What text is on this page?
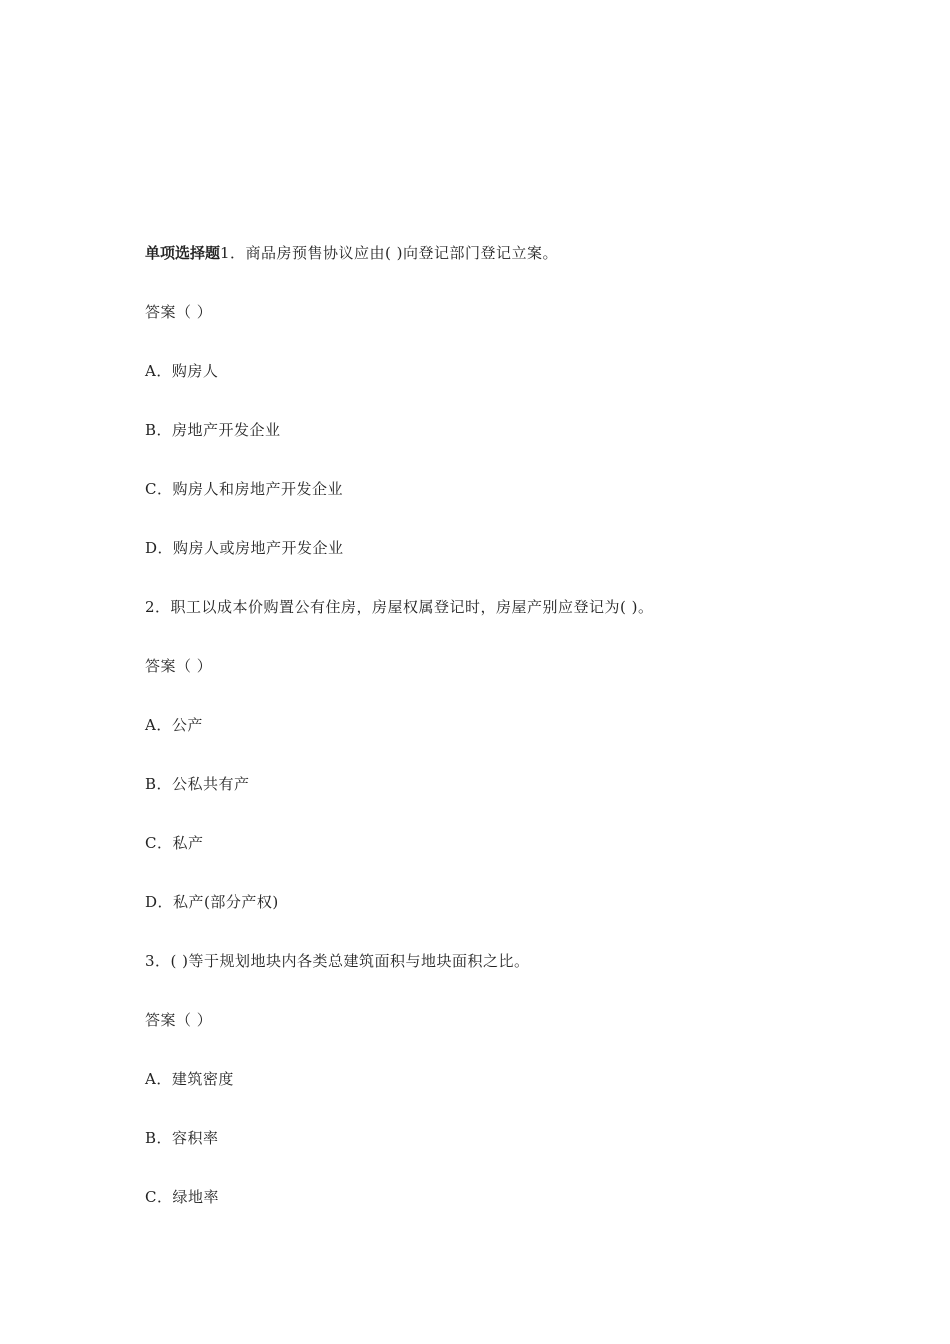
单项选择题1．商品房预售协议应由( )向登记部门登记立案。
答案（ ）
A．购房人
B．房地产开发企业
C．购房人和房地产开发企业
D．购房人或房地产开发企业
2．职工以成本价购置公有住房，房屋权属登记时，房屋产别应登记为( )。
答案（ ）
A．公产
B．公私共有产
C．私产
D．私产(部分产权)
3．( )等于规划地块内各类总建筑面积与地块面积之比。
答案（ ）
A．建筑密度
B．容积率
C．绿地率
